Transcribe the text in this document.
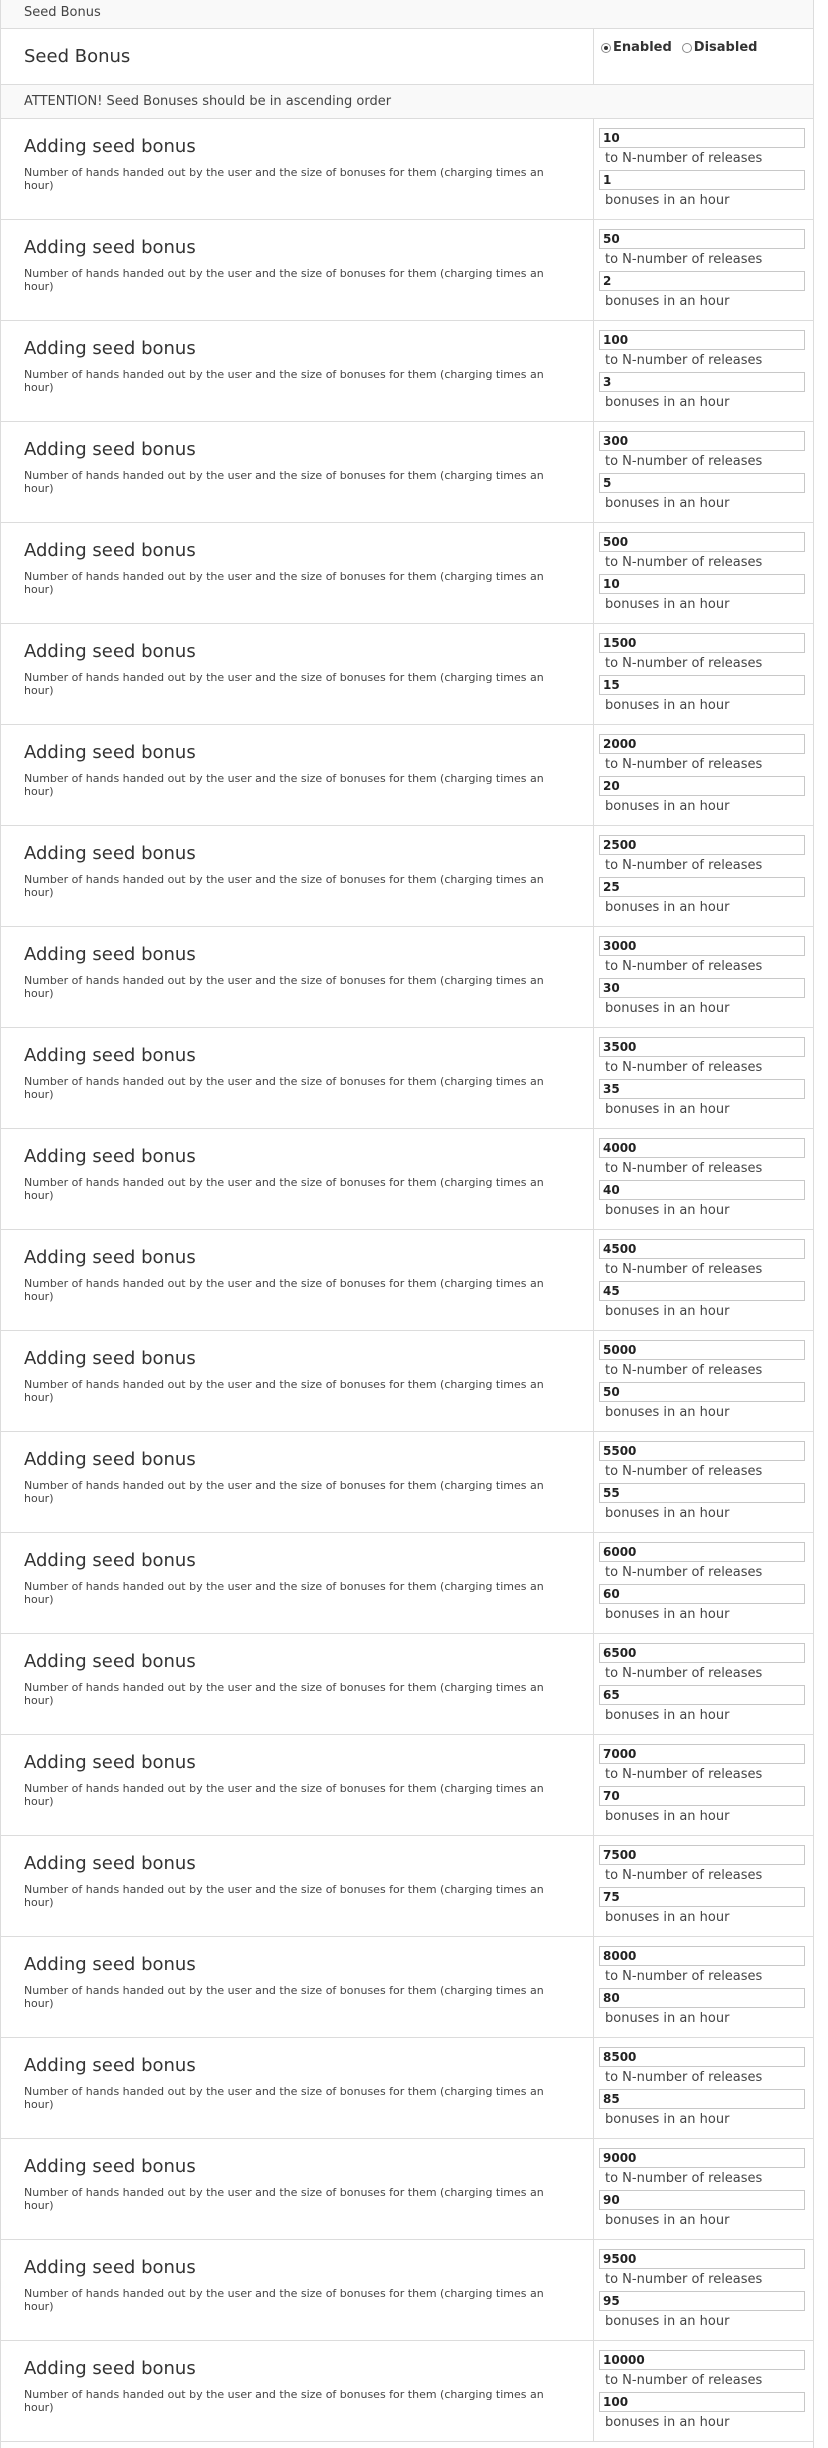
Seed Bonus
Seed Bonus	Enabled Disabled
ATTENTION! Seed Bonuses should be in ascending order
Adding seed bonus
Number of hands handed out by the user and the size of bonuses for them (charging times an hour)
10
to N-number of releases
1
bonuses in an hour
Adding seed bonus
Number of hands handed out by the user and the size of bonuses for them (charging times an hour)
50
to N-number of releases
2
bonuses in an hour
Adding seed bonus
Number of hands handed out by the user and the size of bonuses for them (charging times an hour)
100
to N-number of releases
3
bonuses in an hour
Adding seed bonus
Number of hands handed out by the user and the size of bonuses for them (charging times an hour)
300
to N-number of releases
5
bonuses in an hour
Adding seed bonus
Number of hands handed out by the user and the size of bonuses for them (charging times an hour)
500
to N-number of releases
10
bonuses in an hour
Adding seed bonus
Number of hands handed out by the user and the size of bonuses for them (charging times an hour)
1500
to N-number of releases
15
bonuses in an hour
Adding seed bonus
Number of hands handed out by the user and the size of bonuses for them (charging times an hour)
2000
to N-number of releases
20
bonuses in an hour
Adding seed bonus
Number of hands handed out by the user and the size of bonuses for them (charging times an hour)
2500
to N-number of releases
25
bonuses in an hour
Adding seed bonus
Number of hands handed out by the user and the size of bonuses for them (charging times an hour)
3000
to N-number of releases
30
bonuses in an hour
Adding seed bonus
Number of hands handed out by the user and the size of bonuses for them (charging times an hour)
3500
to N-number of releases
35
bonuses in an hour
Adding seed bonus
Number of hands handed out by the user and the size of bonuses for them (charging times an hour)
4000
to N-number of releases
40
bonuses in an hour
Adding seed bonus
Number of hands handed out by the user and the size of bonuses for them (charging times an hour)
4500
to N-number of releases
45
bonuses in an hour
Adding seed bonus
Number of hands handed out by the user and the size of bonuses for them (charging times an hour)
5000
to N-number of releases
50
bonuses in an hour
Adding seed bonus
Number of hands handed out by the user and the size of bonuses for them (charging times an hour)
5500
to N-number of releases
55
bonuses in an hour
Adding seed bonus
Number of hands handed out by the user and the size of bonuses for them (charging times an hour)
6000
to N-number of releases
60
bonuses in an hour
Adding seed bonus
Number of hands handed out by the user and the size of bonuses for them (charging times an hour)
6500
to N-number of releases
65
bonuses in an hour
Adding seed bonus
Number of hands handed out by the user and the size of bonuses for them (charging times an hour)
7000
to N-number of releases
70
bonuses in an hour
Adding seed bonus
Number of hands handed out by the user and the size of bonuses for them (charging times an hour)
7500
to N-number of releases
75
bonuses in an hour
Adding seed bonus
Number of hands handed out by the user and the size of bonuses for them (charging times an hour)
8000
to N-number of releases
80
bonuses in an hour
Adding seed bonus
Number of hands handed out by the user and the size of bonuses for them (charging times an hour)
8500
to N-number of releases
85
bonuses in an hour
Adding seed bonus
Number of hands handed out by the user and the size of bonuses for them (charging times an hour)
9000
to N-number of releases
90
bonuses in an hour
Adding seed bonus
Number of hands handed out by the user and the size of bonuses for them (charging times an hour)
9500
to N-number of releases
95
bonuses in an hour
Adding seed bonus
Number of hands handed out by the user and the size of bonuses for them (charging times an hour)
10000
to N-number of releases
100
bonuses in an hour
